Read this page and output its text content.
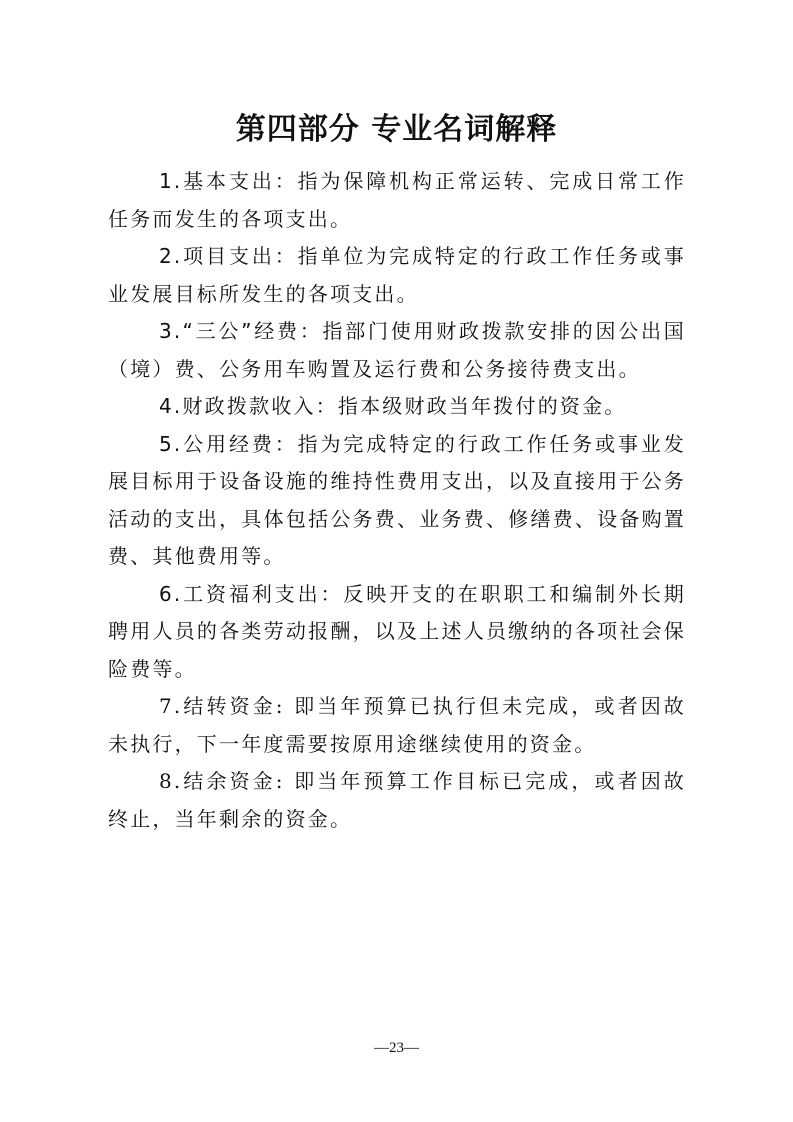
第四部分 专业名词解释

1.基本支出：指为保障机构正常运转、完成日常工作任务而发生的各项支出。

2.项目支出：指单位为完成特定的行政工作任务或事业发展目标所发生的各项支出。

3.“三公”经费：指部门使用财政拨款安排的因公出国（境）费、公务用车购置及运行费和公务接待费支出。

4.财政拨款收入：指本级财政当年拨付的资金。

5.公用经费：指为完成特定的行政工作任务或事业发展目标用于设备设施的维持性费用支出，以及直接用于公务活动的支出，具体包括公务费、业务费、修缮费、设备购置费、其他费用等。

6.工资福利支出：反映开支的在职职工和编制外长期聘用人员的各类劳动报酬，以及上述人员缴纳的各项社会保险费等。

7.结转资金: 即当年预算已执行但未完成，或者因故未执行，下一年度需要按原用途继续使用的资金。

8.结余资金: 即当年预算工作目标已完成，或者因故终止，当年剩余的资金。

—23—
